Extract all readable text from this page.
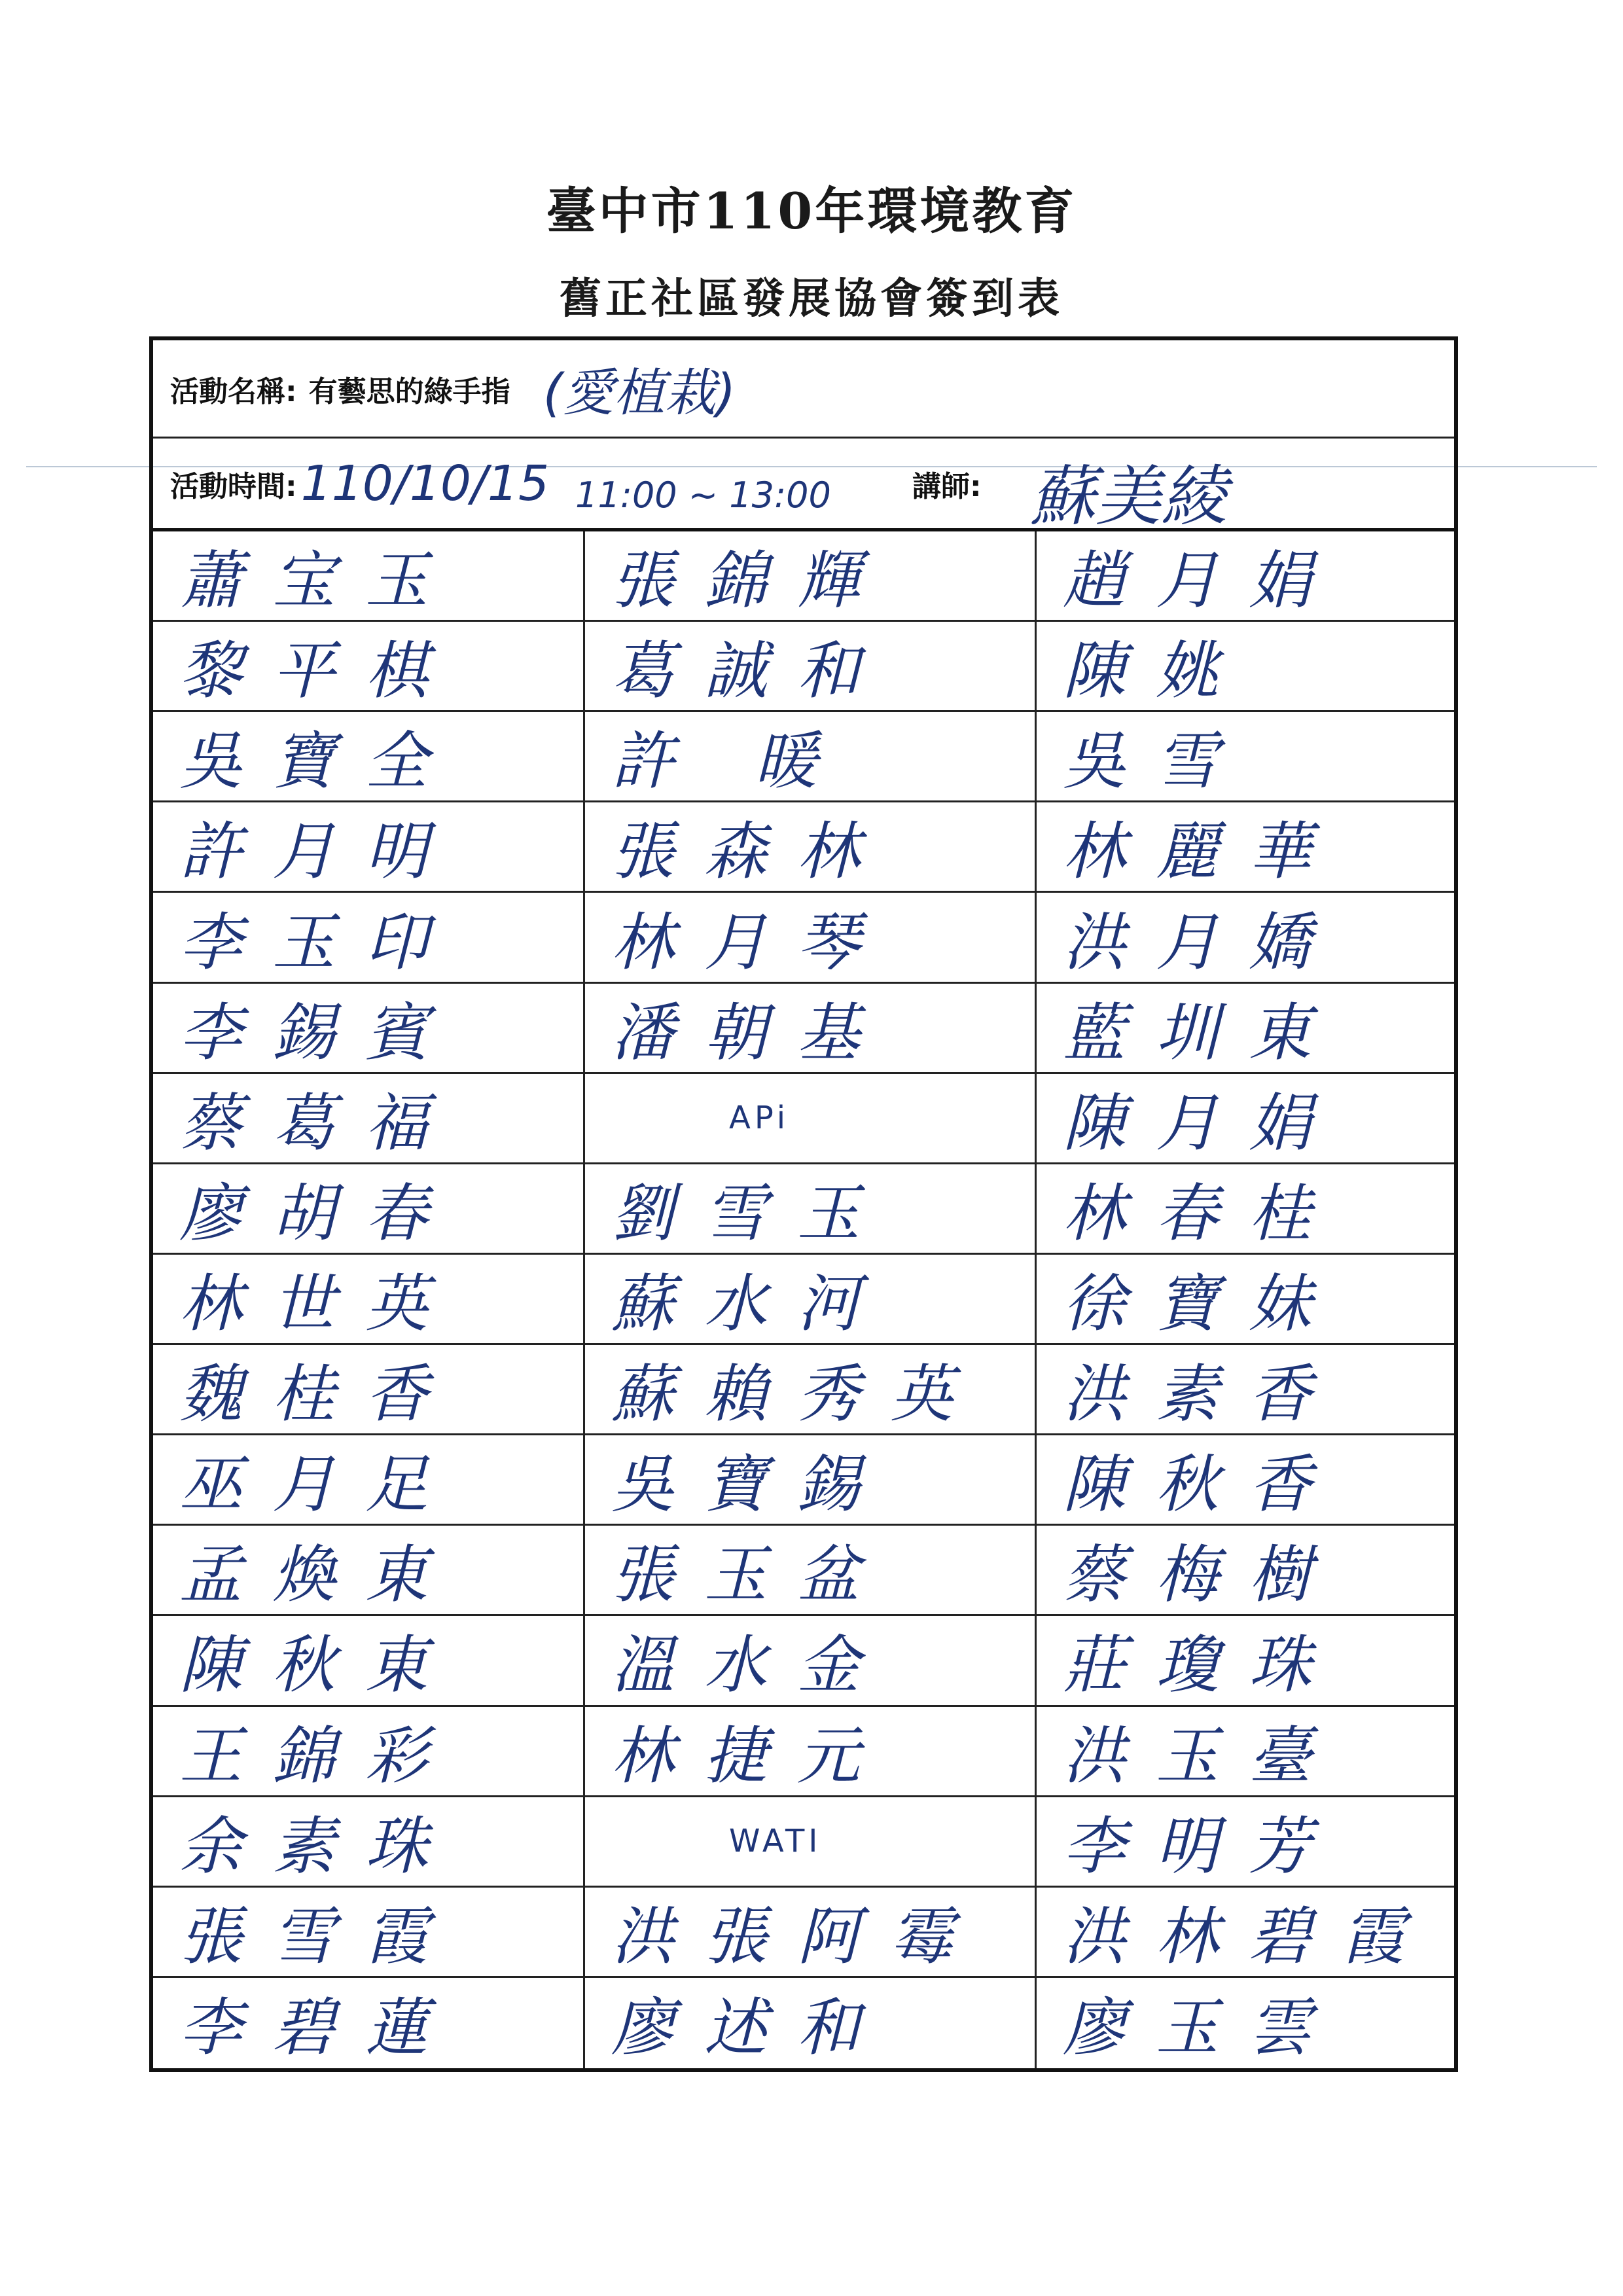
臺中市110年環境教育
舊正社區發展協會簽到表
活動名稱: 有藝思的綠手指 (愛植栽)
活動時間: 110/10/15 11:00 ~ 13:00	講師: 蘇美綾
蕭宝玉	張錦輝	趙月娟
黎平棋	葛誠和	陳姚
吳寶全	許 暖	吳雪
許月明	張森林	林麗華
李玉印	林月琴	洪月嬌
李錫賓	潘朝基	藍圳東
蔡葛福	APi	陳月娟
廖胡春	劉雪玉	林春桂
林世英	蘇水河	徐寶妹
魏桂香	蘇賴秀英	洪素香
巫月足	吳寶錫	陳秋香
孟煥東	張玉盆	蔡梅樹
陳秋東	溫水金	莊瓊珠
王錦彩	林捷元	洪玉臺
余素珠	WATI	李明芳
張雪霞	洪張阿霉	洪林碧霞
李碧蓮	廖述和	廖玉雲
